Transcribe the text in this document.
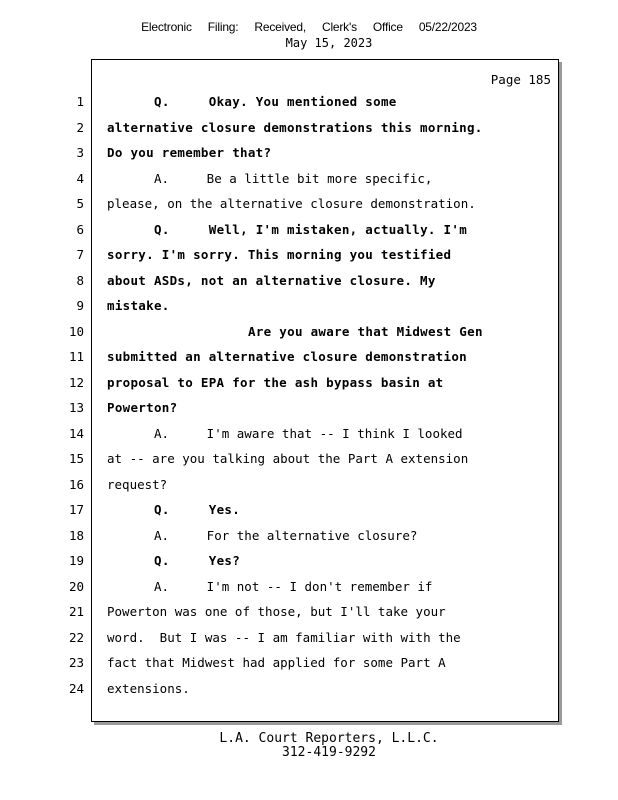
Electronic Filing: Received, Clerk's Office 05/22/2023
May 15, 2023
Page 185
1	Q.     Okay. You mentioned some
2 alternative closure demonstrations this morning.
3 Do you remember that?
4	A.     Be a little bit more specific,
5 please, on the alternative closure demonstration.
6	Q.     Well, I'm mistaken, actually. I'm
7 sorry. I'm sorry. This morning you testified
8 about ASDs, not an alternative closure. My
9 mistake.
10	Are you aware that Midwest Gen
11 submitted an alternative closure demonstration
12 proposal to EPA for the ash bypass basin at
13 Powerton?
14	A.     I'm aware that -- I think I looked
15 at -- are you talking about the Part A extension
16 request?
17	Q.     Yes.
18	A.     For the alternative closure?
19	Q.     Yes?
20	A.     I'm not -- I don't remember if
21 Powerton was one of those, but I'll take your
22 word.  But I was -- I am familiar with with the
23 fact that Midwest had applied for some Part A
24 extensions.
L.A. Court Reporters, L.L.C.
312-419-9292
